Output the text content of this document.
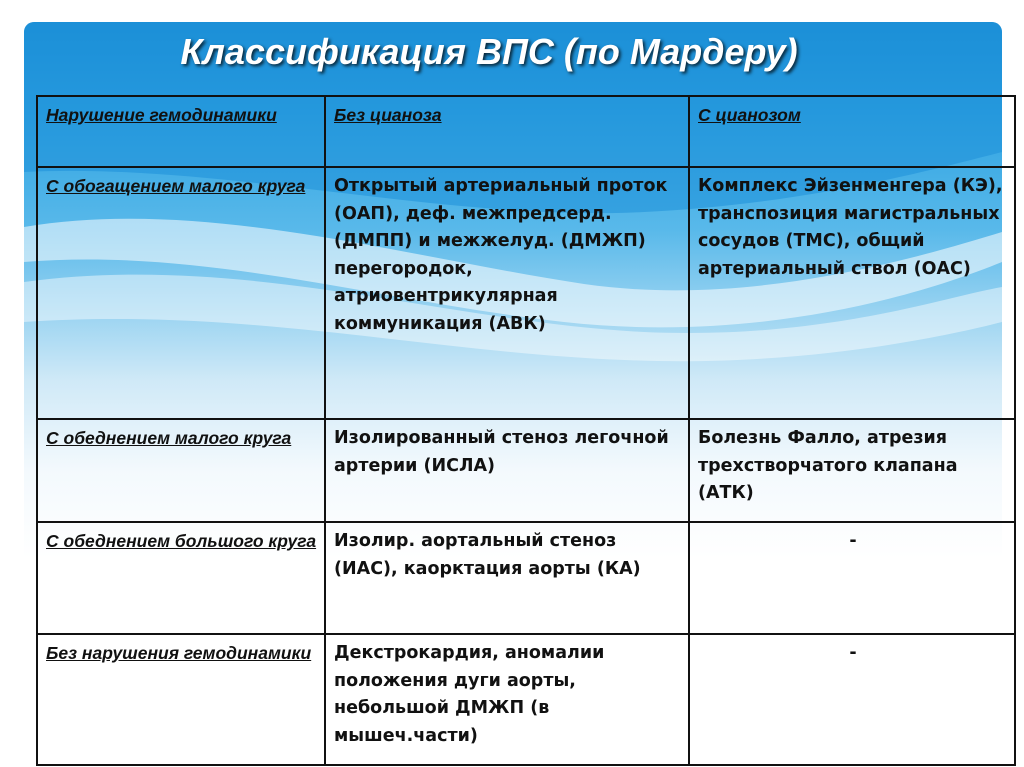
Классификация ВПС (по Мардеру)
Нарушение гемодинамики	Без цианоза	С цианозом
С обогащением малого круга	Открытый артериальный проток (ОАП), деф. межпредсерд. (ДМПП) и межжелуд. (ДМЖП) перегородок, атриовентрикулярная коммуникация (АВК)	Комплекс Эйзенменгера (КЭ), транспозиция магистральных сосудов (ТМС), общий артериальный ствол (ОАС)
С обеднением малого круга	Изолированный стеноз легочной артерии (ИСЛА)	Болезнь Фалло, атрезия трехстворчатого клапана (АТК)
С обеднением большого круга	Изолир. аортальный стеноз (ИАС), каорктация аорты (КА)	-
Без нарушения гемодинамики	Декстрокардия, аномалии положения дуги аорты, небольшой ДМЖП (в мышеч.части)	-
